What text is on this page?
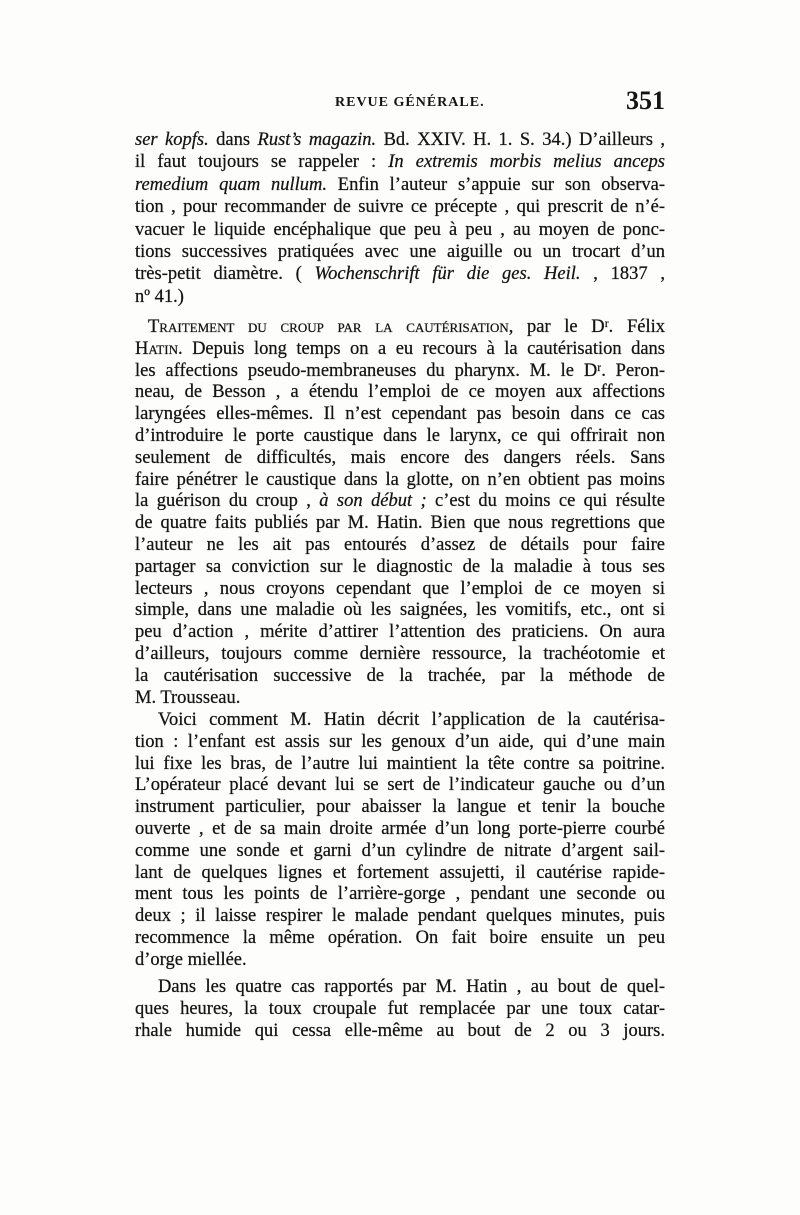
REVUE GÉNÉRALE.	351
ser kopfs. dans Rust’s magazin. Bd. XXIV. H. 1. S. 34.) D’ailleurs ,
il faut toujours se rappeler : In extremis morbis melius anceps
remedium quam nullum. Enfin l’auteur s’appuie sur son observa-
tion , pour recommander de suivre ce précepte , qui prescrit de n’é-
vacuer le liquide encéphalique que peu à peu , au moyen de ponc-
tions successives pratiquées avec une aiguille ou un trocart d’un
très-petit diamètre. ( Wochenschrift für die ges. Heil. , 1837 ,
nº 41.)
Traitement du croup par la cautérisation, par le Dʳ. Félix
Hatin. Depuis long temps on a eu recours à la cautérisation dans
les affections pseudo-membraneuses du pharynx. M. le Dʳ. Peron-
neau, de Besson , a étendu l’emploi de ce moyen aux affections
laryngées elles-mêmes. Il n’est cependant pas besoin dans ce cas
d’introduire le porte caustique dans le larynx, ce qui offrirait non
seulement de difficultés, mais encore des dangers réels. Sans
faire pénétrer le caustique dans la glotte, on n’en obtient pas moins
la guérison du croup , à son début ; c’est du moins ce qui résulte
de quatre faits publiés par M. Hatin. Bien que nous regrettions que
l’auteur ne les ait pas entourés d’assez de détails pour faire
partager sa conviction sur le diagnostic de la maladie à tous ses
lecteurs , nous croyons cependant que l’emploi de ce moyen si
simple, dans une maladie où les saignées, les vomitifs, etc., ont si
peu d’action , mérite d’attirer l’attention des praticiens. On aura
d’ailleurs, toujours comme dernière ressource, la trachéotomie et
la cautérisation successive de la trachée, par la méthode de
M. Trousseau.
Voici comment M. Hatin décrit l’application de la cautérisa-
tion : l’enfant est assis sur les genoux d’un aide, qui d’une main
lui fixe les bras, de l’autre lui maintient la tête contre sa poitrine.
L’opérateur placé devant lui se sert de l’indicateur gauche ou d’un
instrument particulier, pour abaisser la langue et tenir la bouche
ouverte , et de sa main droite armée d’un long porte-pierre courbé
comme une sonde et garni d’un cylindre de nitrate d’argent sail-
lant de quelques lignes et fortement assujetti, il cautérise rapide-
ment tous les points de l’arrière-gorge , pendant une seconde ou
deux ; il laisse respirer le malade pendant quelques minutes, puis
recommence la même opération. On fait boire ensuite un peu
d’orge miellée.
Dans les quatre cas rapportés par M. Hatin , au bout de quel-
ques heures, la toux croupale fut remplacée par une toux catar-
rhale humide qui cessa elle-même au bout de 2 ou 3 jours.
